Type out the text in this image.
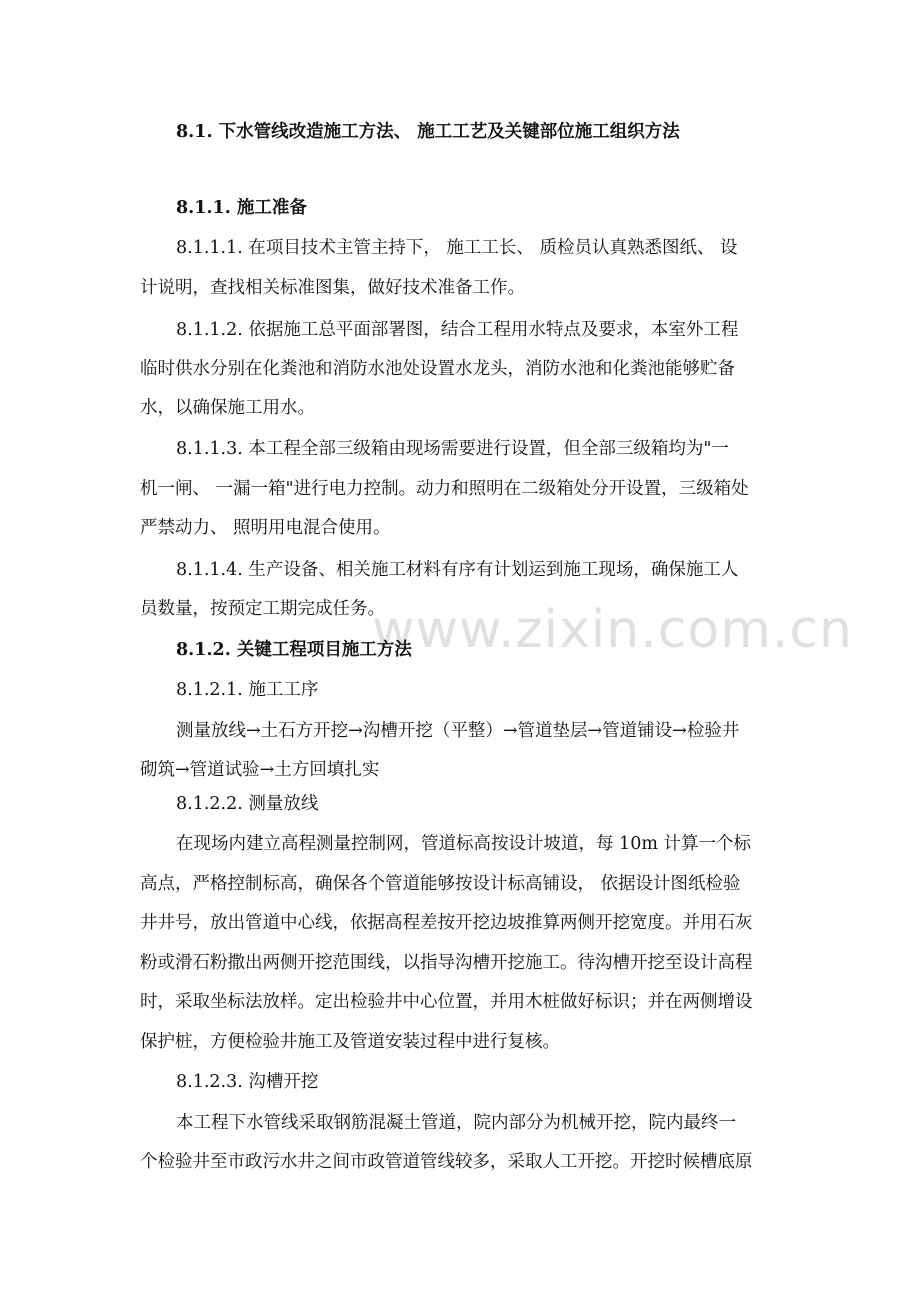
www.zixin.com.cn
8.1. 下水管线改造施工方法、 施工工艺及关键部位施工组织方法
8.1.1. 施工准备
8.1.1.1. 在项目技术主管主持下， 施工工长、 质检员认真熟悉图纸、 设
计说明，查找相关标准图集，做好技术准备工作。
8.1.1.2. 依据施工总平面部署图，结合工程用水特点及要求，本室外工程
临时供水分别在化粪池和消防水池处设置水龙头，消防水池和化粪池能够贮备
水，以确保施工用水。
8.1.1.3. 本工程全部三级箱由现场需要进行设置，但全部三级箱均为"一
机一闸、 一漏一箱"进行电力控制。动力和照明在二级箱处分开设置，三级箱处
严禁动力、 照明用电混合使用。
8.1.1.4. 生产设备、相关施工材料有序有计划运到施工现场，确保施工人
员数量，按预定工期完成任务。
8.1.2. 关键工程项目施工方法
8.1.2.1. 施工工序
测量放线→土石方开挖→沟槽开挖（平整）→管道垫层→管道铺设→检验井
砌筑→管道试验→土方回填扎实
8.1.2.2. 测量放线
在现场内建立高程测量控制网，管道标高按设计坡道，每 10m 计算一个标
高点，严格控制标高，确保各个管道能够按设计标高铺设， 依据设计图纸检验
井井号，放出管道中心线，依据高程差按开挖边坡推算两侧开挖宽度。并用石灰
粉或滑石粉撒出两侧开挖范围线，以指导沟槽开挖施工。待沟槽开挖至设计高程
时，采取坐标法放样。定出检验井中心位置，并用木桩做好标识；并在两侧增设
保护桩，方便检验井施工及管道安装过程中进行复核。
8.1.2.3. 沟槽开挖
本工程下水管线采取钢筋混凝土管道，院内部分为机械开挖，院内最终一
个检验井至市政污水井之间市政管道管线较多，采取人工开挖。开挖时候槽底原
